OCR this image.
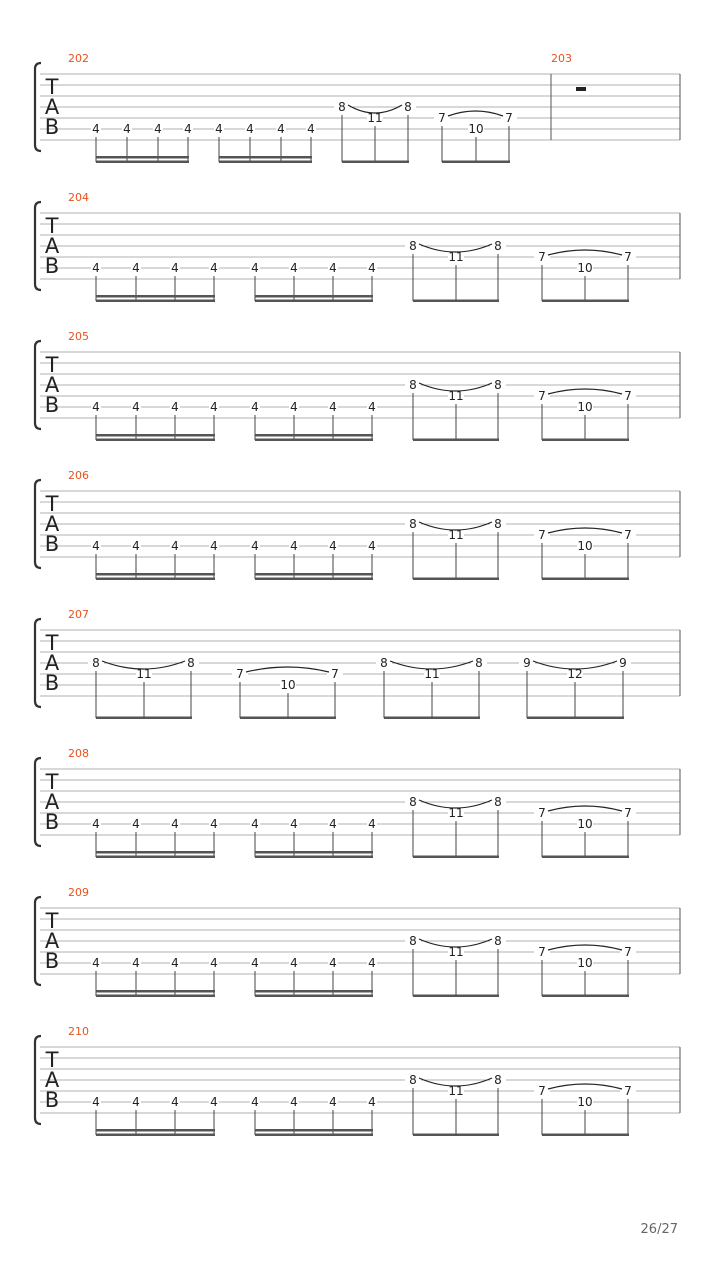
T
A
B
202
4 4 4 4 4 4 4 4
8
11
8
7
10
7
203
T
A
B
204
4	4	4	4	4	4	4	4
8
11
8
7
10
7
T
A
B
205
4	4	4	4	4	4	4	4
8
11
8
7
10
7
T
A
B
206
4	4	4	4	4	4	4	4
8
11
8
7
10
7
T
A
B
207
8
11
8
7
10
7
8
11
8	9
12
9
T
A
B
208
4	4	4	4	4	4	4	4
8
11
8
7
10
7
T
A
B
209
4	4	4	4	4	4	4	4
8
11
8
7
10
7
T
A
B
210
4	4	4	4	4	4	4	4
8
11
8
7
10
7
26/27
